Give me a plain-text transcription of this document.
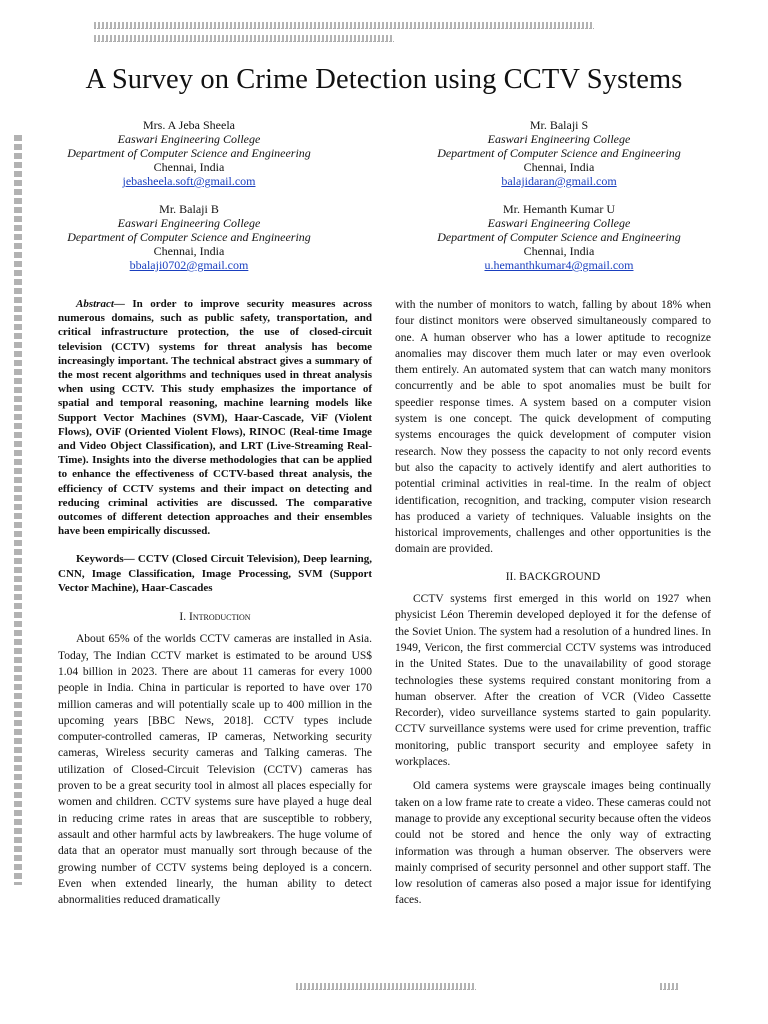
A Survey on Crime Detection using CCTV Systems
Mrs. A Jeba Sheela
Easwari Engineering College
Department of Computer Science and Engineering
Chennai, India
jebasheela.soft@gmail.com
Mr. Balaji S
Easwari Engineering College
Department of Computer Science and Engineering
Chennai, India
balajidaran@gmail.com
Mr. Balaji B
Easwari Engineering College
Department of Computer Science and Engineering
Chennai, India
bbalaji0702@gmail.com
Mr. Hemanth Kumar U
Easwari Engineering College
Department of Computer Science and Engineering
Chennai, India
u.hemanthkumar4@gmail.com

Abstract— In order to improve security measures across numerous domains, such as public safety, transportation, and critical infrastructure protection, the use of closed-circuit television (CCTV) systems for threat analysis has become increasingly important. The technical abstract gives a summary of the most recent algorithms and techniques used in threat analysis when using CCTV. This study emphasizes the importance of spatial and temporal reasoning, machine learning models like Support Vector Machines (SVM), Haar-Cascade, ViF (Violent Flows), OViF (Oriented Violent Flows), RINOC (Real-time Image and Video Object Classification), and LRT (Live-Streaming Real-Time). Insights into the diverse methodologies that can be applied to enhance the effectiveness of CCTV-based threat analysis, the efficiency of CCTV systems and their impact on detecting and reducing criminal activities are discussed. The comparative outcomes of different detection approaches and their ensembles have been empirically discussed.

Keywords— CCTV (Closed Circuit Television), Deep learning, CNN, Image Classification, Image Processing, SVM (Support Vector Machine), Haar-Cascades

I. Introduction

About 65% of the worlds CCTV cameras are installed in Asia. Today, The Indian CCTV market is estimated to be around US$ 1.04 billion in 2023. There are about 11 cameras for every 1000 people in India. China in particular is reported to have over 170 million cameras and will potentially scale up to 400 million in the upcoming years [BBC News, 2018]. CCTV types include computer-controlled cameras, IP cameras, Networking security cameras, Wireless security cameras and Talking cameras. The utilization of Closed-Circuit Television (CCTV) cameras has proven to be a great security tool in almost all places especially for women and children. CCTV systems sure have played a huge deal in reducing crime rates in areas that are susceptible to robbery, assault and other harmful acts by lawbreakers. The huge volume of data that an operator must manually sort through because of the growing number of CCTV systems being deployed is a concern. Even when extended linearly, the human ability to detect abnormalities reduced dramatically

with the number of monitors to watch, falling by about 18% when four distinct monitors were observed simultaneously compared to one. A human observer who has a lower aptitude to recognize anomalies may discover them much later or may even overlook them entirely. An automated system that can watch many monitors concurrently and be able to spot anomalies must be built for speedier response times. A system based on a computer vision system is one concept. The quick development of computing systems encourages the quick development of computer vision research. Now they possess the capacity to not only record events but also the capacity to actively identify and alert authorities to potential criminal activities in real-time. In the realm of object identification, recognition, and tracking, computer vision research has produced a variety of techniques. Valuable insights on the historical improvements, challenges and other opportunities is the domain are provided.

II. BACKGROUND

CCTV systems first emerged in this world on 1927 when physicist Léon Theremin developed deployed it for the defense of the Soviet Union. The system had a resolution of a hundred lines. In 1949, Vericon, the first commercial CCTV systems was introduced in the United States. Due to the unavailability of good storage technologies these systems required constant monitoring from a human observer. After the creation of VCR (Video Cassette Recorder), video surveillance systems started to gain popularity. CCTV surveillance systems were used for crime prevention, traffic monitoring, public transport security and employee safety in workplaces.

Old camera systems were grayscale images being continually taken on a low frame rate to create a video. These cameras could not manage to provide any exceptional security because often the videos could not be stored and hence the only way of extracting information was through a human observer. The observers were mainly comprised of security personnel and other support staff. The low resolution of cameras also posed a major issue for identifying faces.
